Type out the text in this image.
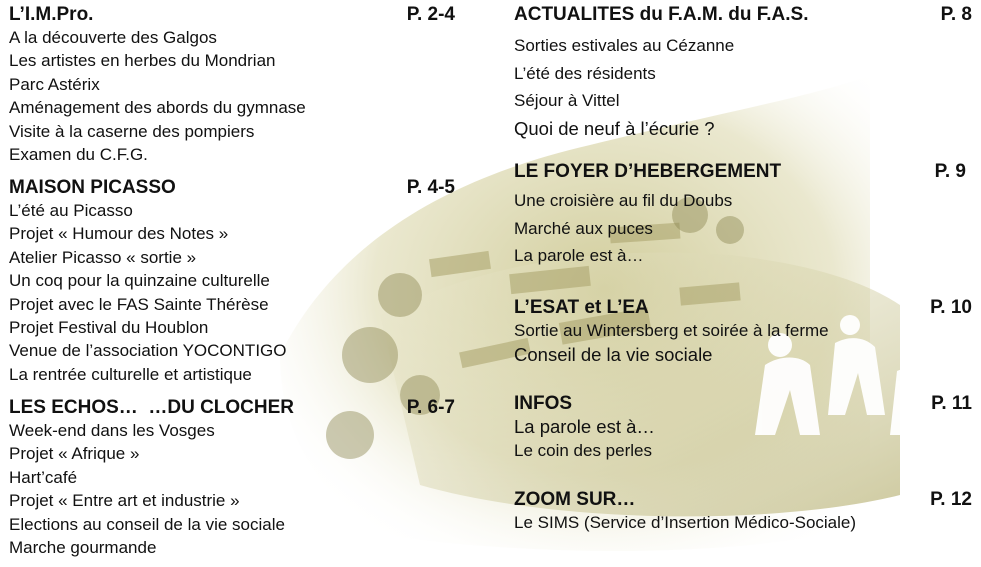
L’I.M.Pro.	P. 2-4
A la découverte des Galgos
Les artistes en herbes du Mondrian
Parc Astérix
Aménagement des abords du gymnase
Visite à la caserne des pompiers
Examen du C.F.G.
MAISON PICASSO	P. 4-5
L’été au Picasso
Projet « Humour des Notes »
Atelier Picasso « sortie »
Un coq pour la quinzaine culturelle
Projet avec le FAS Sainte Thérèse
Projet Festival du Houblon
Venue de l’association YOCONTIGO
La rentrée culturelle et artistique
LES ECHOS…  …DU CLOCHER	P. 6-7
Week-end dans les Vosges
Projet « Afrique »
Hart’café
Projet « Entre art et industrie »
Elections au conseil de la vie sociale
Marche gourmande
ACTUALITES du F.A.M. du F.A.S.	P. 8
Sorties estivales au Cézanne
L’été des résidents
Séjour à Vittel
Quoi de neuf à l’écurie ?
LE FOYER D’HEBERGEMENT	P. 9
Une croisière au fil du Doubs
Marché aux puces
La parole est à…
L’ESAT et L’EA	P. 10
Sortie au Wintersberg et soirée à la ferme
Conseil de la vie sociale
INFOS	P. 11
La parole est à…
Le coin des perles
ZOOM SUR…	P. 12
Le SIMS (Service d’Insertion Médico-Sociale)
